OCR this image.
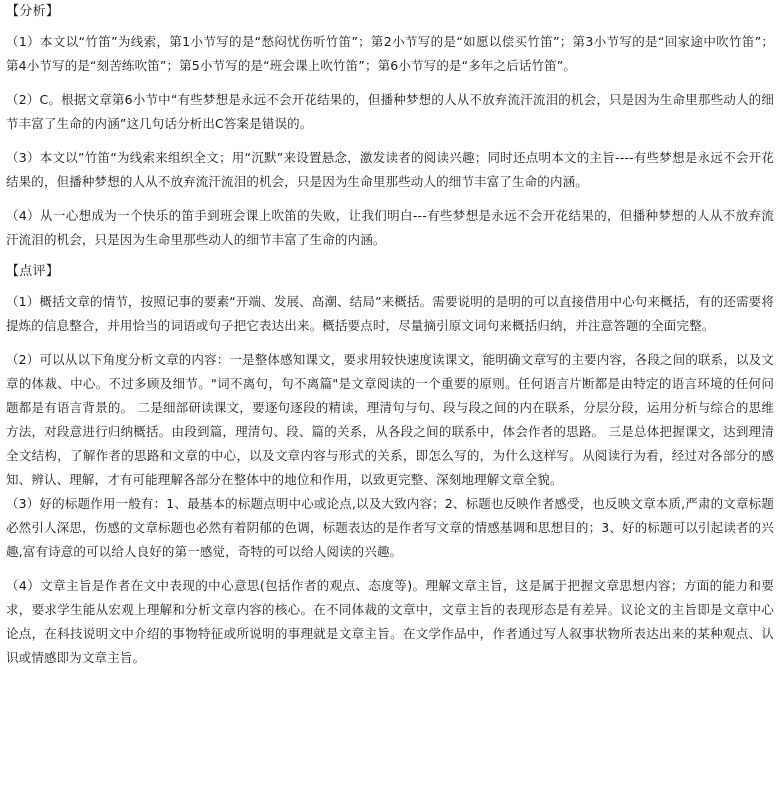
【分析】

（1）本文以“竹笛”为线索，第1小节写的是“愁闷忧伤听竹笛”；第2小节写的是“如愿以偿买竹笛”；第3小节写的是“回家途中吹竹笛”；第4小节写的是“刻苦练吹笛”；第5小节写的是“班会课上吹竹笛”；第6小节写的是“多年之后话竹笛”。

（2）C。根据文章第6小节中“有些梦想是永远不会开花结果的，但播种梦想的人从不放弃流汗流泪的机会，只是因为生命里那些动人的细节丰富了生命的内涵”这几句话分析出C答案是错误的。

（3）本文以”竹笛“为线索来组织全文；用“沉默”来设置悬念，激发读者的阅读兴趣；同时还点明本文的主旨----有些梦想是永远不会开花结果的，但播种梦想的人从不放弃流汗流泪的机会，只是因为生命里那些动人的细节丰富了生命的内涵。

（4）从一心想成为一个快乐的笛手到班会课上吹笛的失败，让我们明白---有些梦想是永远不会开花结果的，但播种梦想的人从不放弃流汗流泪的机会，只是因为生命里那些动人的细节丰富了生命的内涵。

【点评】

（1）概括文章的情节，按照记事的要素“开端、发展、高潮、结局”来概括。需要说明的是明的可以直接借用中心句来概括，有的还需要将提炼的信息整合，并用恰当的词语或句子把它表达出来。概括要点时，尽量摘引原文词句来概括归纳，并注意答题的全面完整。

（2）可以从以下角度分析文章的内容：一是整体感知课文，要求用较快速度读课文，能明确文章写的主要内容，各段之间的联系，以及文章的体裁、中心。不过多顾及细节。"词不离句，句不离篇"是文章阅读的一个重要的原则。任何语言片断都是由特定的语言环境的任何问题都是有语言背景的。 二是细部研读课文，要逐句逐段的精读，理清句与句、段与段之间的内在联系，分层分段，运用分析与综合的思维方法，对段意进行归纳概括。由段到篇，理清句、段、篇的关系，从各段之间的联系中，体会作者的思路。 三是总体把握课文，达到理清全文结构，了解作者的思路和文章的中心，以及文章内容与形式的关系，即怎么写的，为什么这样写。从阅读行为看，经过对各部分的感知、辨认、理解，才有可能理解各部分在整体中的地位和作用，以致更完整、深刻地理解文章全貌。

（3）好的标题作用一般有：1、最基本的标题点明中心或论点,以及大致内容；2、标题也反映作者感受，也反映文章本质,严肃的文章标题必然引人深思，伤感的文章标题也必然有着阴郁的色调，标题表达的是作者写文章的情感基调和思想目的；3、好的标题可以引起读者的兴趣,富有诗意的可以给人良好的第一感觉，奇特的可以给人阅读的兴趣。

（4）文章主旨是作者在文中表现的中心意思(包括作者的观点、态度等)。理解文章主旨，这是属于把握文章思想内容；方面的能力和要求，要求学生能从宏观上理解和分析文章内容的核心。在不同体裁的文章中，文章主旨的表现形态是有差异。议论文的主旨即是文章中心论点，在科技说明文中介绍的事物特征或所说明的事理就是文章主旨。在文学作品中，作者通过写人叙事状物所表达出来的某种观点、认识或情感即为文章主旨。
